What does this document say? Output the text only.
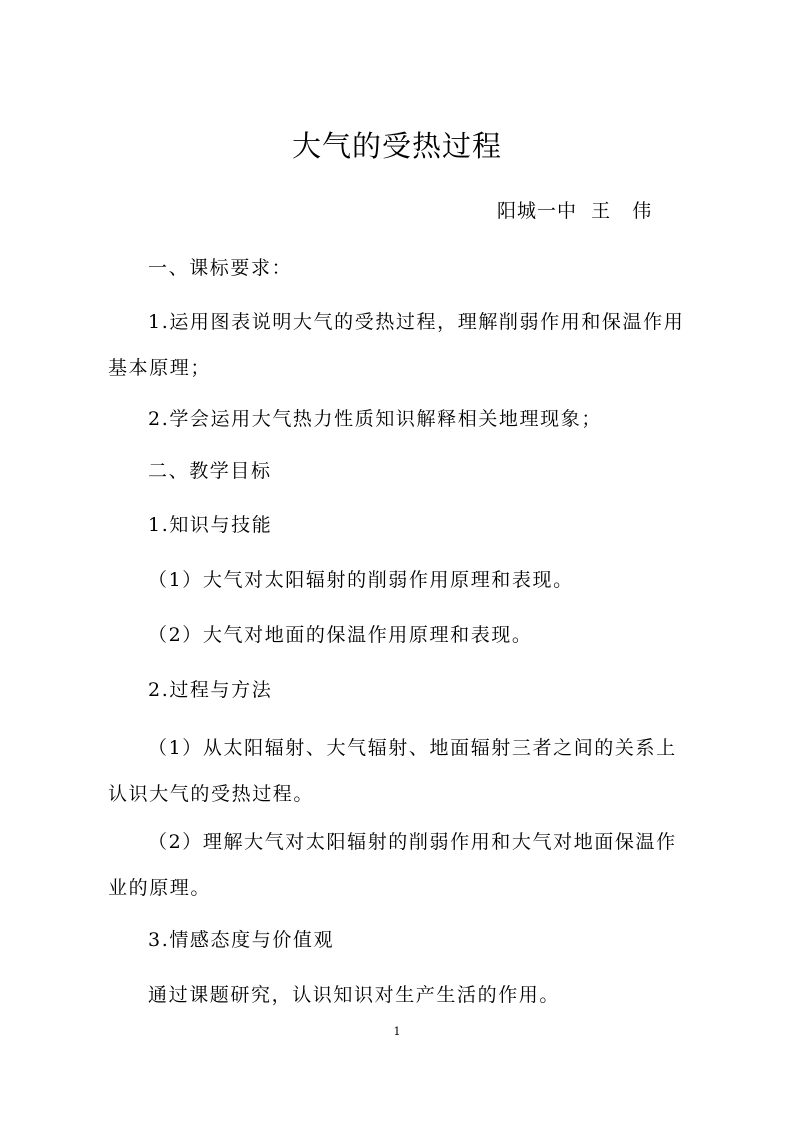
大气的受热过程
阳城一中  王   伟

一、课标要求：

1.运用图表说明大气的受热过程，理解削弱作用和保温作用基本原理；

2.学会运用大气热力性质知识解释相关地理现象；

二、教学目标

1.知识与技能

（1）大气对太阳辐射的削弱作用原理和表现。

（2）大气对地面的保温作用原理和表现。

2.过程与方法

（1）从太阳辐射、大气辐射、地面辐射三者之间的关系上认识大气的受热过程。

（2）理解大气对太阳辐射的削弱作用和大气对地面保温作业的原理。

3.情感态度与价值观

通过课题研究，认识知识对生产生活的作用。

1
